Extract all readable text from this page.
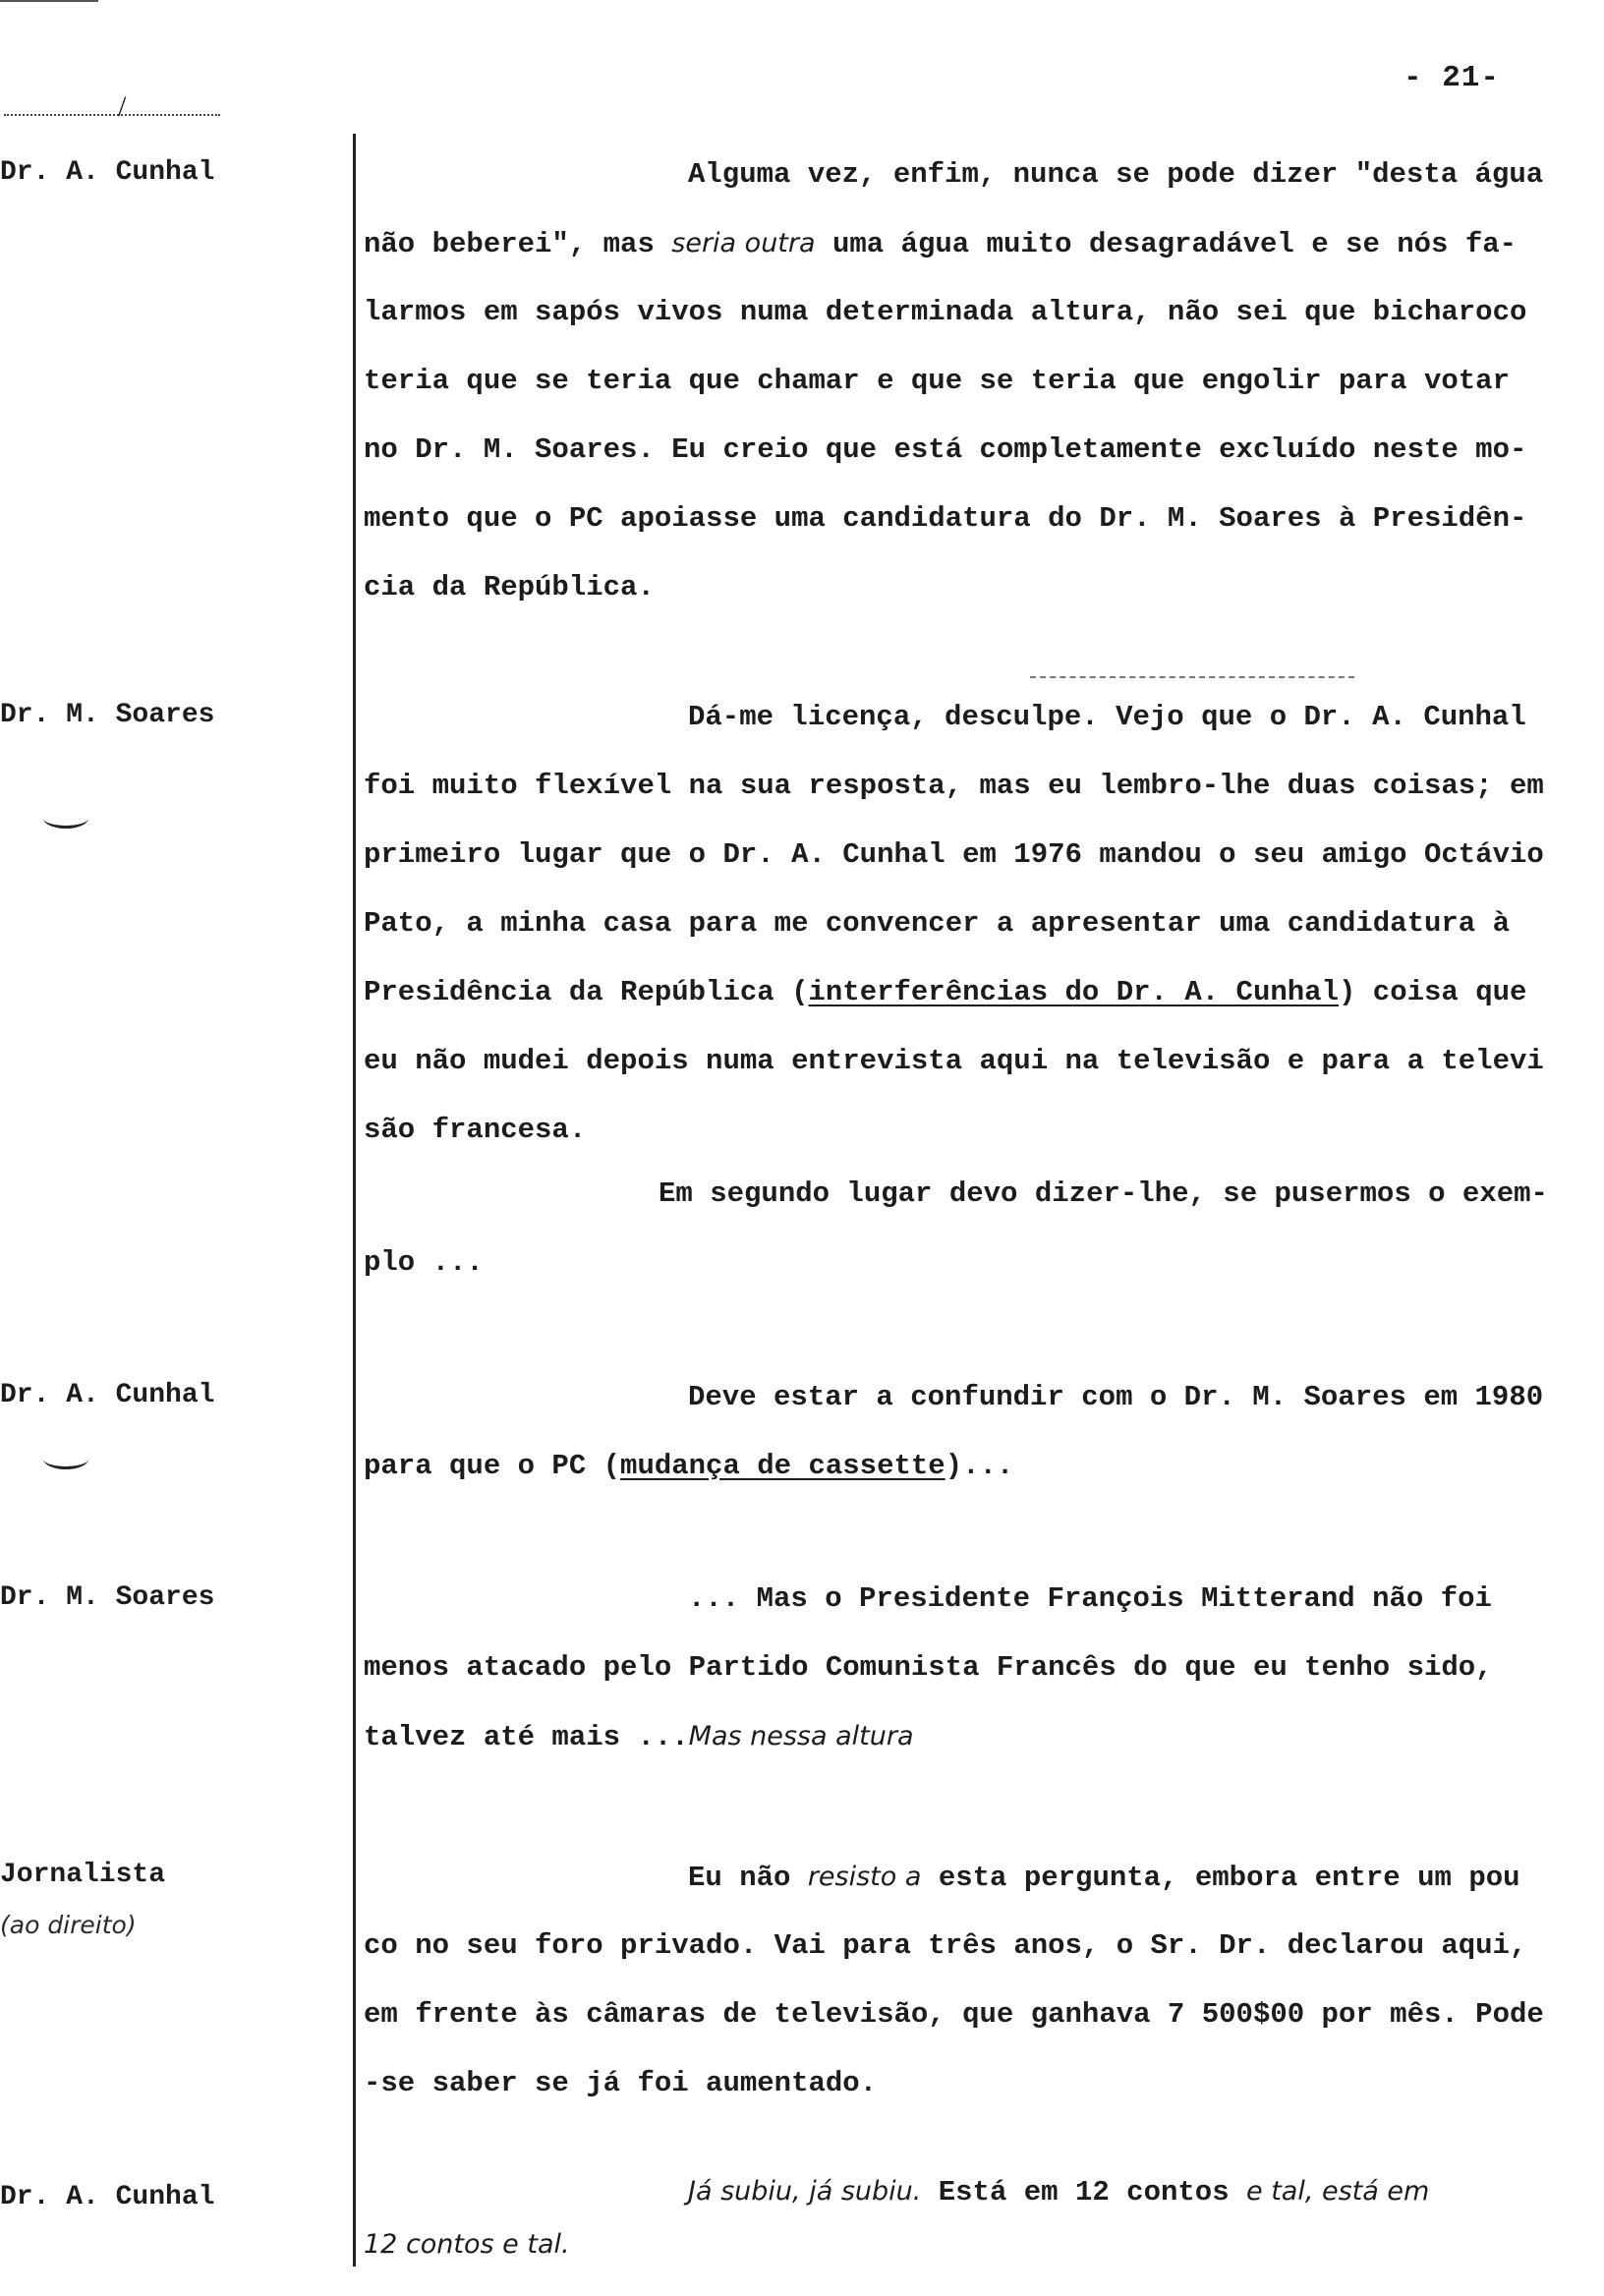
/
- 21-
Dr. A. Cunhal
Dr. M. Soares
Dr. A. Cunhal
Dr. M. Soares
Jornalista
(ao direito)
Dr. A. Cunhal
Alguma vez, enfim, nunca se pode dizer "desta água
não beberei", mas seria outra uma água muito desagradável e se nós fa-
larmos em sapós vivos numa determinada altura, não sei que bicharoco
teria que se teria que chamar e que se teria que engolir para votar
no Dr. M. Soares. Eu creio que está completamente excluído neste mo-
mento que o PC apoiasse uma candidatura do Dr. M. Soares à Presidên-
cia da República.
Dá-me licença, desculpe. Vejo que o Dr. A. Cunhal
foi muito flexível na sua resposta, mas eu lembro-lhe duas coisas; em
primeiro lugar que o Dr. A. Cunhal em 1976 mandou o seu amigo Octávio
Pato, a minha casa para me convencer a apresentar uma candidatura à
Presidência da República (interferências do Dr. A. Cunhal) coisa que
eu não mudei depois numa entrevista aqui na televisão e para a televi
são francesa.
Em segundo lugar devo dizer-lhe, se pusermos o exem-
plo ...
Deve estar a confundir com o Dr. M. Soares em 1980
para que o PC (mudança de cassette)...
... Mas o Presidente François Mitterand não foi
menos atacado pelo Partido Comunista Francês do que eu tenho sido,
talvez até mais ...Mas nessa altura
Eu não resisto a esta pergunta, embora entre um pou
co no seu foro privado. Vai para três anos, o Sr. Dr. declarou aqui,
em frente às câmaras de televisão, que ganhava 7 500$00 por mês. Pode
-se saber se já foi aumentado.
Já subiu, já subiu. Está em 12 contos e tal, está em
12 contos e tal.
